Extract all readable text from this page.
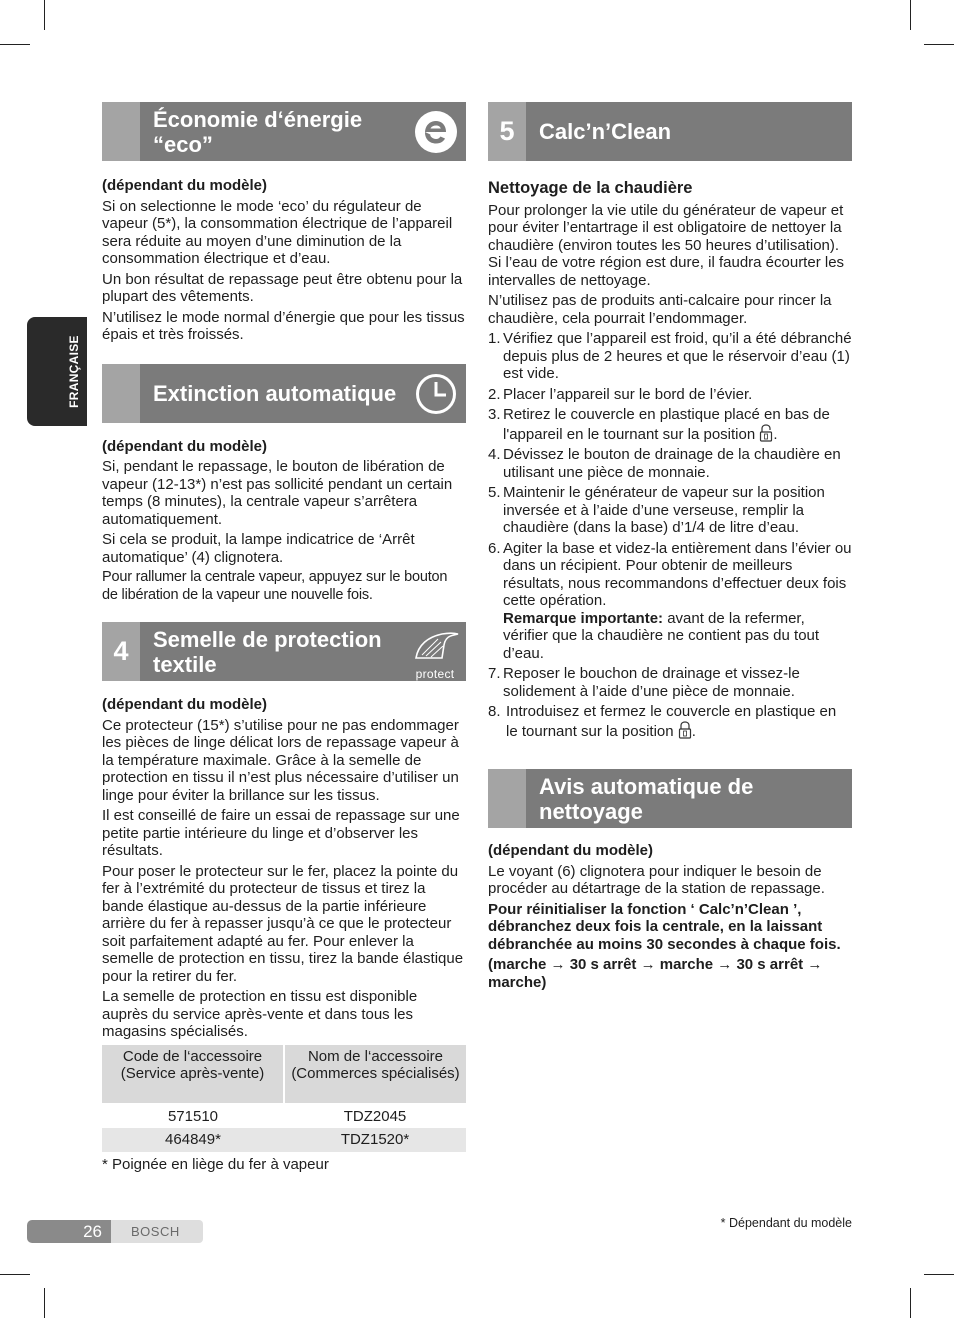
FRANÇAISE
Économie d‘énergie “eco”

(dépendant du modèle)

Si on selectionne le mode ‘eco’ du régulateur de vapeur (5*), la consommation électrique de l’appareil sera réduite au moyen d’une diminution de la consommation électrique et d’eau.

Un bon résultat de repassage peut être obtenu pour la plupart des vêtements.

N’utilisez le mode normal d’énergie que pour les tissus épais et très froissés.

Extinction automatique

(dépendant du modèle)

Si, pendant le repassage, le bouton de libération de vapeur (12-13*) n’est pas sollicité pendant un certain temps (8 minutes), la centrale vapeur s’arrêtera automatiquement.

Si cela se produit, la lampe indicatrice de ‘Arrêt automatique’ (4) clignotera.

Pour rallumer la centrale vapeur, appuyez sur le bouton de libération de la vapeur une nouvelle fois.

4	Semelle de protection textile	protect

(dépendant du modèle)

Ce protecteur (15*) s’utilise pour ne pas endommager les pièces de linge délicat lors de repassage vapeur à la température maximale. Grâce à la semelle de protection en tissu il n’est plus nécessaire d’utiliser un linge pour éviter la brillance sur les tissus.

Il est conseillé de faire un essai de repassage sur une petite partie intérieure du linge et d’observer les résultats.

Pour poser le protecteur sur le fer, placez la pointe du fer à l’extrémité du protecteur de tissus et tirez la bande élastique au-dessus de la partie inférieure arrière du fer à repasser jusqu’à ce que le protecteur soit parfaitement adapté au fer. Pour enlever la semelle de protection en tissu, tirez la bande élastique pour la retirer du fer.

La semelle de protection en tissu est disponible auprès du service après-vente et dans tous les magasins spécialisés.

Code de l‘accessoire (Service après-vente)	Nom de l‘accessoire (Commerces spécialisés)
571510	TDZ2045
464849*	TDZ1520*

* Poignée en liège du fer à vapeur

5	Calc’n’Clean

Nettoyage de la chaudière

Pour prolonger la vie utile du générateur de vapeur et pour éviter l’entartrage il est obligatoire de nettoyer la chaudière (environ toutes les 50 heures d’utilisation). Si l’eau de votre région est dure, il faudra écourter les intervalles de nettoyage.

N’utilisez pas de produits anti-calcaire pour rincer la chaudière, cela pourrait l’endommager.

1. Vérifiez que l’appareil est froid, qu’il a été débranché depuis plus de 2 heures et que le réservoir d’eau (1) est vide.
2. Placer l’appareil sur le bord de l’évier.
3. Retirez le couvercle en plastique placé en bas de l'appareil en le tournant sur la position .
4. Dévissez le bouton de drainage de la chaudière en utilisant une pièce de monnaie.
5. Maintenir le générateur de vapeur sur la position inversée et à l’aide d’une verseuse, remplir la chaudière (dans la base) d’1/4 de litre d’eau.
6. Agiter la base et videz-la entièrement dans l’évier ou dans un récipient. Pour obtenir de meilleurs résultats, nous recommandons d’effectuer deux fois cette opération.
Remarque importante: avant de la refermer, vérifier que la chaudière ne contient pas du tout d’eau.
7. Reposer le bouchon de drainage et vissez-le solidement à l’aide d’une pièce de monnaie.
8. Introduisez et fermez le couvercle en plastique en le tournant sur la position .
Avis automatique de nettoyage

(dépendant du modèle)

Le voyant (6) clignotera pour indiquer le besoin de procéder au détartrage de la station de repassage.

Pour réinitialiser la fonction ‘ Calc’n’Clean ’, débranchez deux fois la centrale, en la laissant débranchée au moins 30 secondes à chaque fois.

(marche → 30 s arrêt → marche → 30 s arrêt → marche)

26	BOSCH
* Dépendant du modèle
